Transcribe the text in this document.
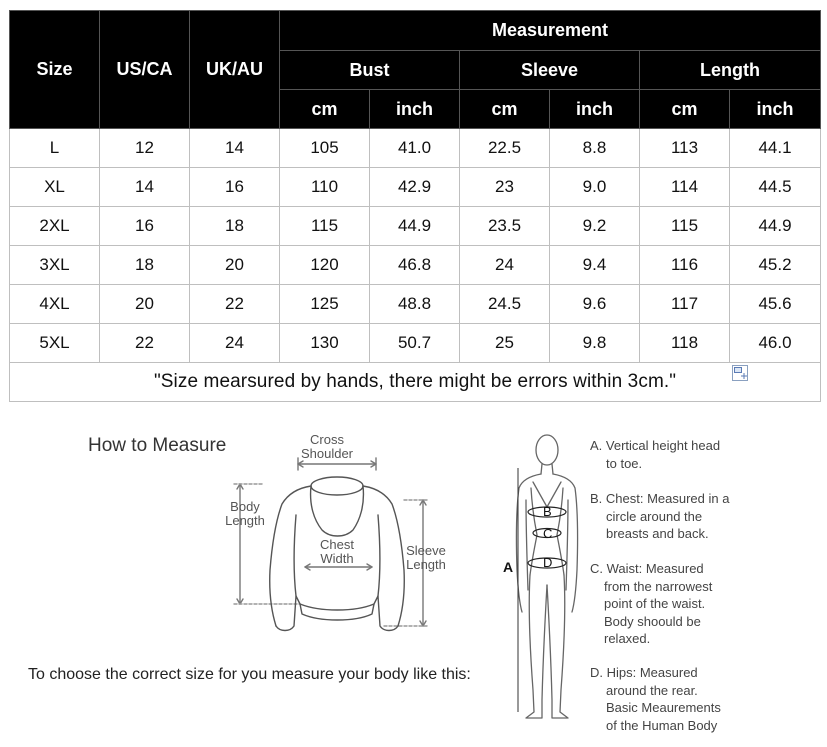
Size	US/CA	UK/AU	Measurement					
			Bust		Sleeve		Length	
			cm	inch	cm	inch	cm	inch
L	12	14	105	41.0	22.5	8.8	113	44.1
XL	14	16	110	42.9	23	9.0	114	44.5
2XL	16	18	115	44.9	23.5	9.2	115	44.9
3XL	18	20	120	46.8	24	9.4	116	45.2
4XL	20	22	125	48.8	24.5	9.6	117	45.6
5XL	22	24	130	50.7	25	9.8	118	46.0
"Size mearsured by hands, there might be errors within 3cm."								
How to Measure	Cross
Shoulder
Body
Length
Chest
Width
Sleeve
Length
To choose the correct size for you measure your body like this:
A
B
C
D
A. Vertical height head
to toe.
B. Chest: Measured in a
circle around the
breasts and back.
C. Waist: Measured
from the narrowest
point of the waist.
Body shoould be
relaxed.
D. Hips: Measured
around the rear.
Basic Meaurements
of the Human Body
